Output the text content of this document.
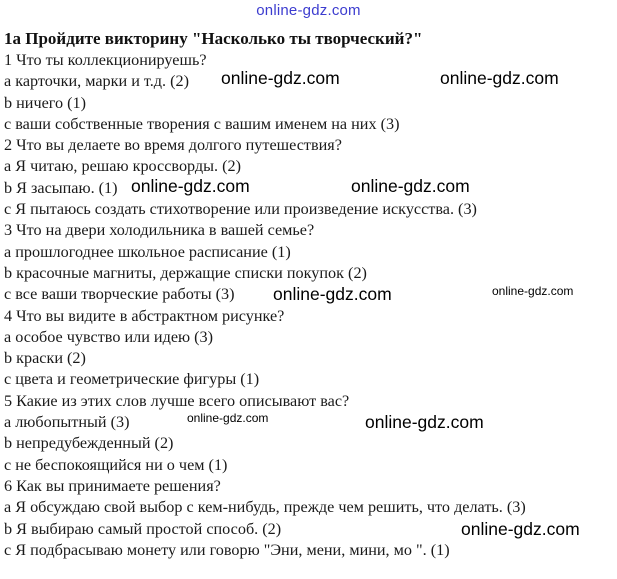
online-gdz.com
1a Пройдите викторину "Насколько ты творческий?"
1 Что ты коллекционируешь?
a карточки, марки и т.д. (2)
b ничего (1)
c ваши собственные творения с вашим именем на них (3)
2 Что вы делаете во время долгого путешествия?
a Я читаю, решаю кроссворды. (2)
b Я засыпаю. (1)
c Я пытаюсь создать стихотворение или произведение искусства. (3)
3 Что на двери холодильника в вашей семье?
a прошлогоднее школьное расписание (1)
b красочные магниты, держащие списки покупок (2)
c все ваши творческие работы (3)
4 Что вы видите в абстрактном рисунке?
a особое чувство или идею (3)
b краски (2)
c цвета и геометрические фигуры (1)
5 Какие из этих слов лучше всего описывают вас?
a любопытный (3)
b непредубежденный (2)
c не беспокоящийся ни о чем (1)
6 Как вы принимаете решения?
a Я обсуждаю свой выбор с кем-нибудь, прежде чем решить, что делать. (3)
b Я выбираю самый простой способ. (2)
c Я подбрасываю монету или говорю "Эни, мени, мини, мо ". (1)
online-gdz.com	online-gdz.com
online-gdz.com	online-gdz.com
online-gdz.com	online-gdz.com
online-gdz.com	online-gdz.com
online-gdz.com
